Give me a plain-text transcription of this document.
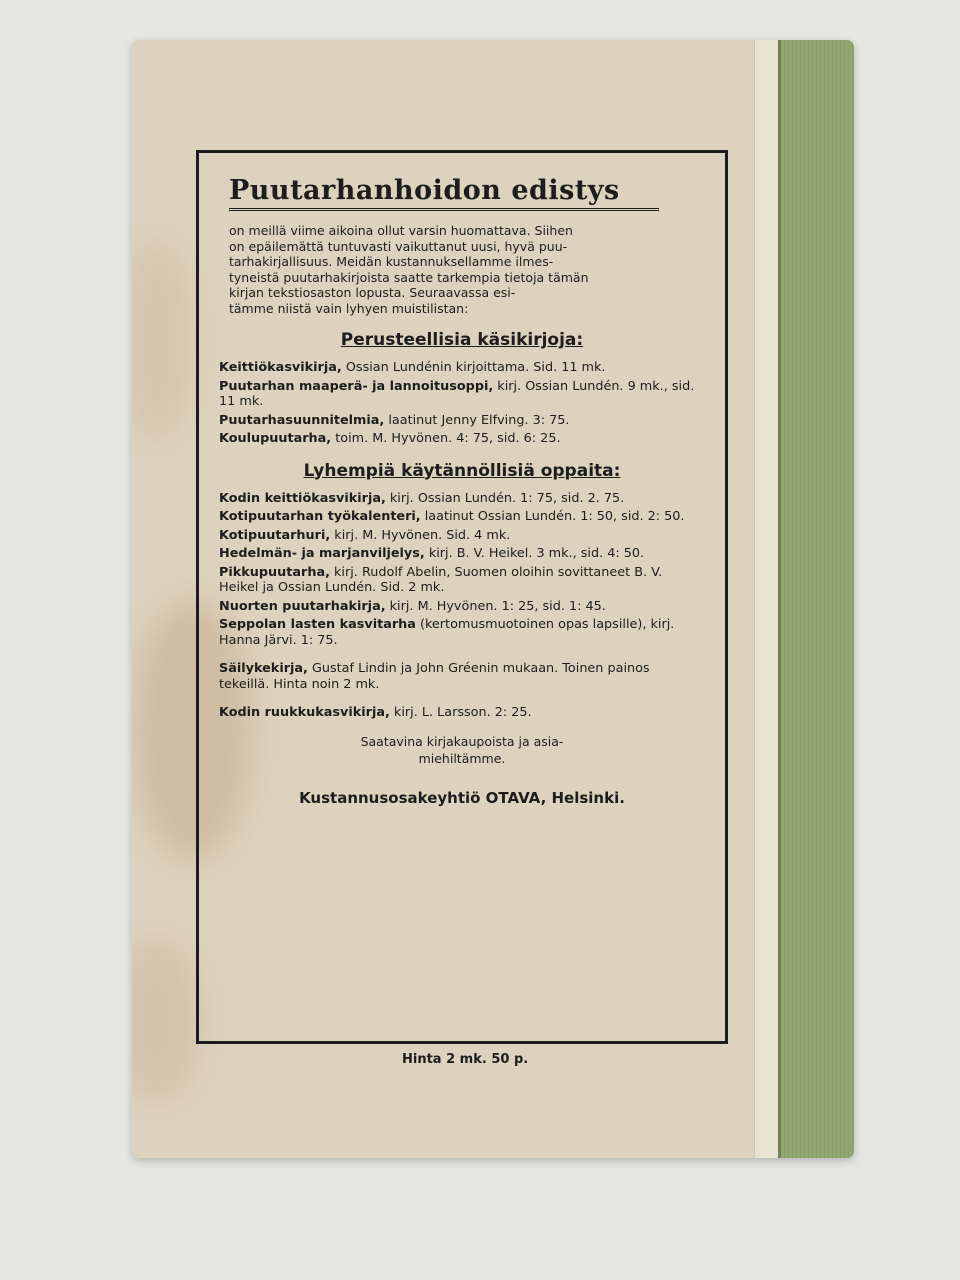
Puutarhanhoidon edistys
on meillä viime aikoina ollut varsin huomattava. Siihen
on epäilemättä tuntuvasti vaikuttanut uusi, hyvä puu-
tarhakirjallisuus. Meidän kustannuksellamme ilmes-
tyneistä puutarhakirjoista saatte tarkempia tietoja tämän
kirjan tekstiosaston lopusta. Seuraavassa esi-
tämme niistä vain lyhyen muistilistan:
Perusteellisia käsikirjoja:
Keittiökasvikirja, Ossian Lundénin kirjoittama. Sid. 11 mk.
Puutarhan maaperä- ja lannoitusoppi, kirj. Ossian Lundén. 9 mk., sid. 11 mk.
Puutarhasuunnitelmia, laatinut Jenny Elfving. 3: 75.
Koulupuutarha, toim. M. Hyvönen. 4: 75, sid. 6: 25.
Lyhempiä käytännöllisiä oppaita:
Kodin keittiökasvikirja, kirj. Ossian Lundén. 1: 75, sid. 2. 75.
Kotipuutarhan työkalenteri, laatinut Ossian Lundén. 1: 50, sid. 2: 50.
Kotipuutarhuri, kirj. M. Hyvönen. Sid. 4 mk.
Hedelmän- ja marjanviljelys, kirj. B. V. Heikel. 3 mk., sid. 4: 50.
Pikkupuutarha, kirj. Rudolf Abelin, Suomen oloihin sovittaneet B. V. Heikel ja Ossian Lundén. Sid. 2 mk.
Nuorten puutarhakirja, kirj. M. Hyvönen. 1: 25, sid. 1: 45.
Seppolan lasten kasvitarha (kertomusmuotoinen opas lapsille), kirj. Hanna Järvi. 1: 75.
Säilykekirja, Gustaf Lindin ja John Gréenin mukaan. Toinen painos tekeillä. Hinta noin 2 mk.
Kodin ruukkukasvikirja, kirj. L. Larsson. 2: 25.
Saatavina kirjakaupoista ja asia-
miehiltämme.
Kustannusosakeyhtiö OTAVA, Helsinki.
Hinta 2 mk. 50 p.
